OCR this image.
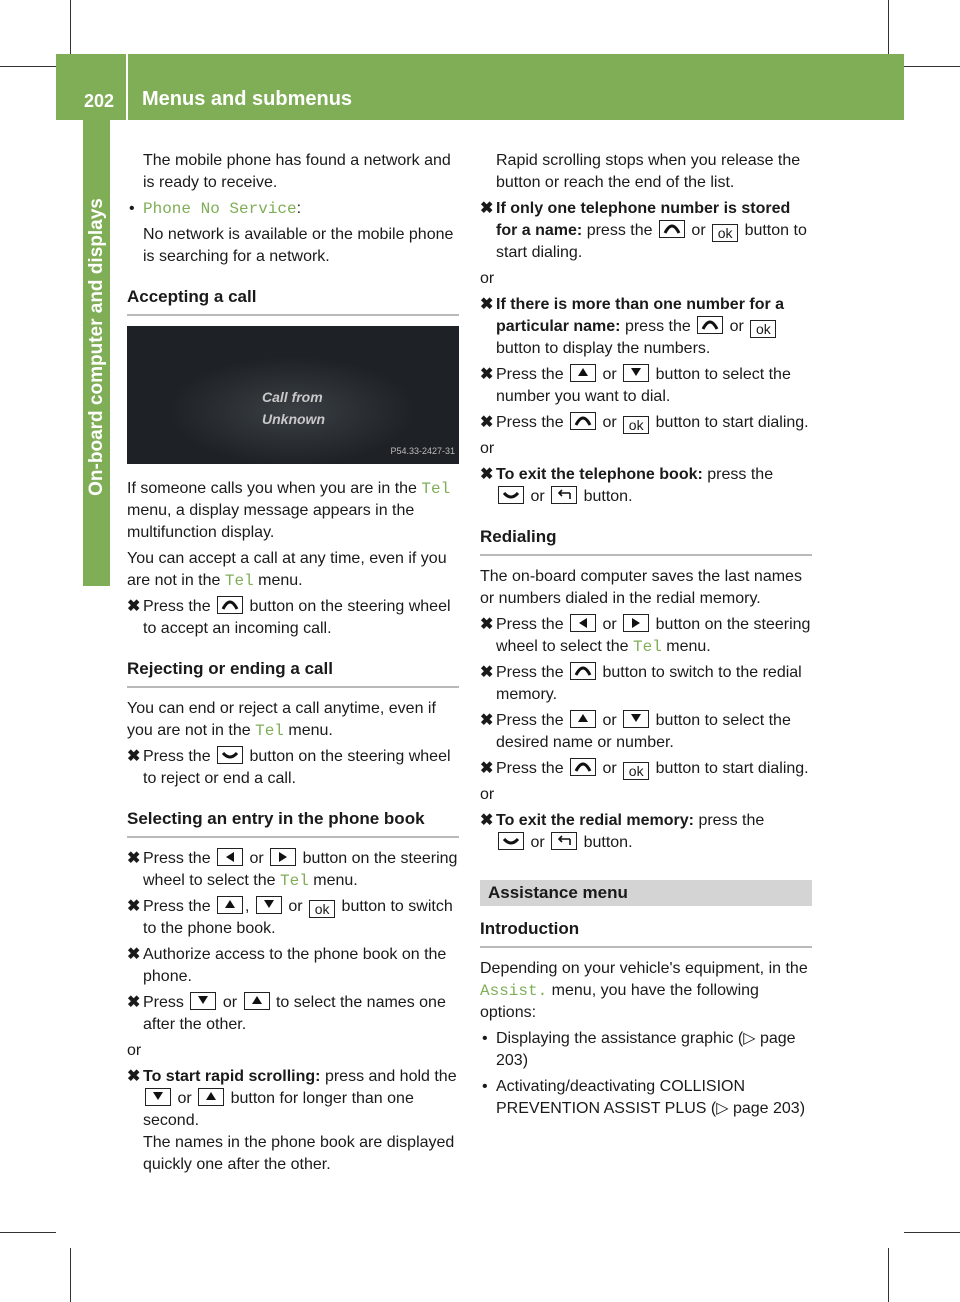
202 Menus and submenus
On-board computer and displays

The mobile phone has found a network and is ready to receive.

• Phone No Service:

No network is available or the mobile phone is searching for a network.

Accepting a call
Call from
Unknown
P54.33-2427-31

If someone calls you when you are in the Tel menu, a display message appears in the multifunction display.

You can accept a call at any time, even if you are not in the Tel menu.

✖ Press the button on the steering wheel to accept an incoming call.
Rejecting or ending a call

You can end or reject a call anytime, even if you are not in the Tel menu.

✖ Press the button on the steering wheel to reject or end a call.
Selecting an entry in the phone book
✖ Press the or button on the steering wheel to select the Tel menu.
✖ Press the , or ok button to switch to the phone book.
✖ Authorize access to the phone book on the phone.
✖ Press or to select the names one after the other.

or

✖ To start rapid scrolling: press and hold the
or button for longer than one second.
The names in the phone book are displayed quickly one after the other.

Rapid scrolling stops when you release the button or reach the end of the list.

✖ If only one telephone number is stored for a name: press the or ok button to start dialing.

or

✖ If there is more than one number for a particular name: press the or ok button to display the numbers.
✖ Press the or button to select the number you want to dial.
✖ Press the or ok button to start dialing.

or

✖ To exit the telephone book: press the

or button.
Redialing

The on-board computer saves the last names or numbers dialed in the redial memory.

✖ Press the or button on the steering wheel to select the Tel menu.
✖ Press the button to switch to the redial memory.
✖ Press the or button to select the desired name or number.
✖ Press the or ok button to start dialing.

or

✖ To exit the redial memory: press the

or button.
Assistance menu
Introduction

Depending on your vehicle's equipment, in the Assist. menu, you have the following options:

• Displaying the assistance graphic (▷ page 203)
• Activating/deactivating COLLISION PREVENTION ASSIST PLUS (▷ page 203)
